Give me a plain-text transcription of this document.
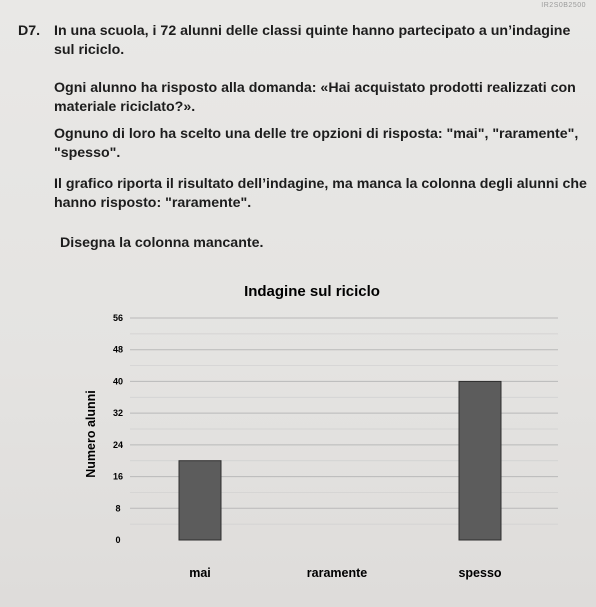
IR2S0B2500
D7. In una scuola, i 72 alunni delle classi quinte hanno partecipato a un’indagine sul riciclo.

Ogni alunno ha risposto alla domanda: «Hai acquistato prodotti realizzati con materiale riciclato?».

Ognuno di loro ha scelto una delle tre opzioni di risposta: "mai", "raramente", "spesso".

Il grafico riporta il risultato dell’indagine, ma manca la colonna degli alunni che hanno risposto: "raramente".

Disegna la colonna mancante.

Indagine sul riciclo
Numero alunni
0
8
16
24
32
40
48
56
mai	raramente	spesso
